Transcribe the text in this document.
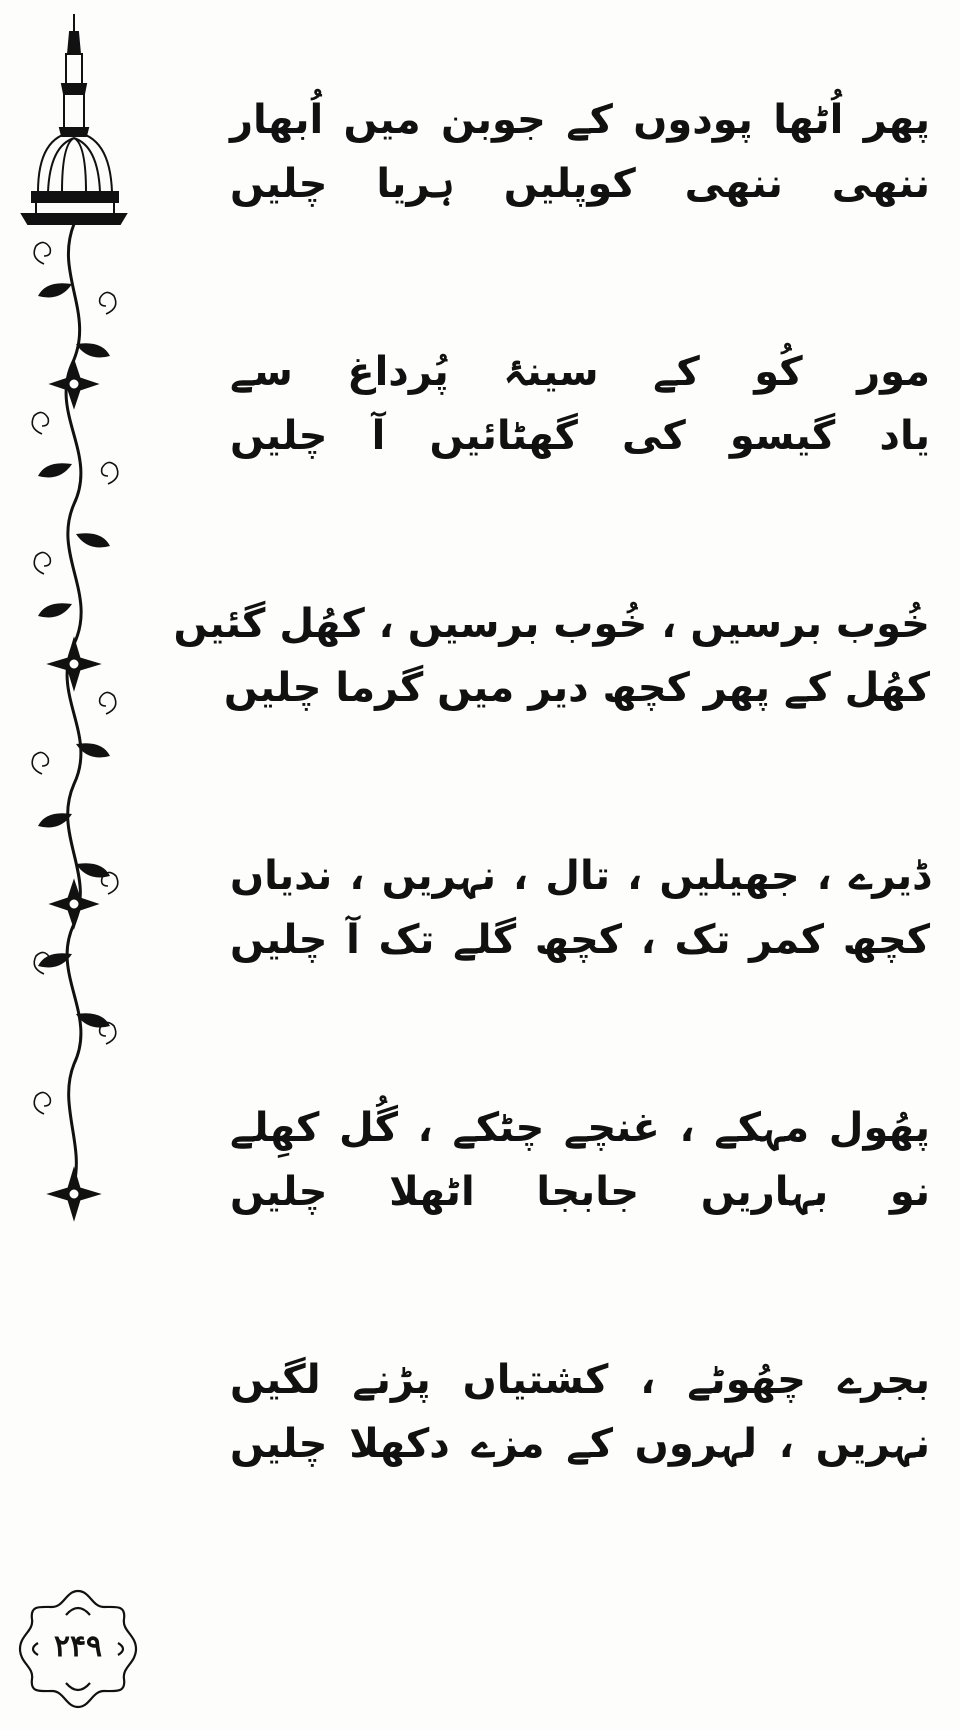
پھر اُٹھا پودوں کے جوبن میں اُبھار
ننھی ننھی کوپلیں ہریا چلیں
مور کُو کے سینۂ پُرداغ سے
یاد گیسو کی گھٹائیں آ چلیں
خُوب برسیں ، خُوب برسیں ، کھُل گئیں
کھُل کے پھر کچھ دیر میں گرما چلیں
ڈیرے ، جھیلیں ، تال ، نہریں ، ندیاں
کچھ کمر تک ، کچھ گلے تک آ چلیں
پھُول مہکے ، غنچے چٹکے ، گُل کھِلے
نو بہاریں جابجا اٹھلا چلیں
بجرے چھُوٹے ، کشتیاں پڑنے لگیں
نہریں ، لہروں کے مزے دکھلا چلیں
۲۴۹
